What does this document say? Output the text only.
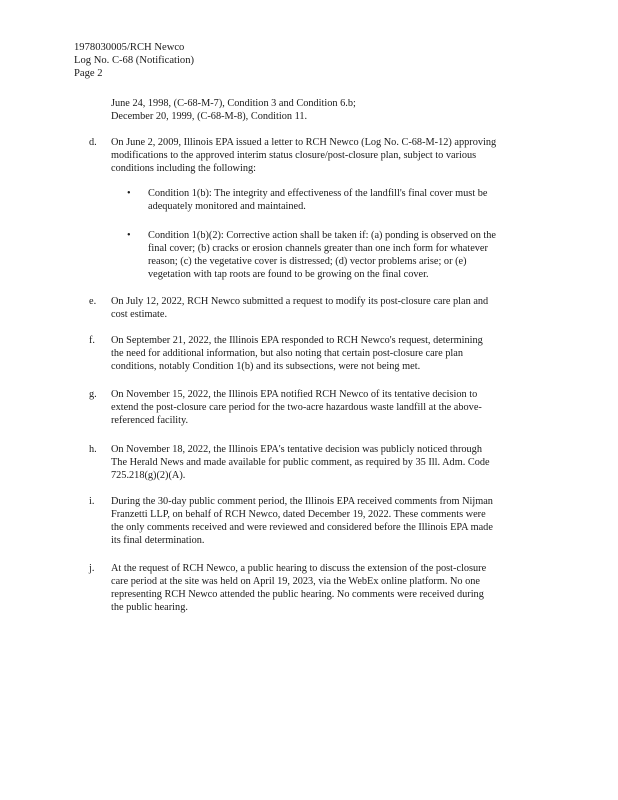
1978030005/RCH Newco
Log No. C-68 (Notification)
Page 2
June 24, 1998, (C-68-M-7), Condition 3 and Condition 6.b;
December 20, 1999, (C-68-M-8), Condition 11.
d. On June 2, 2009, Illinois EPA issued a letter to RCH Newco (Log No. C-68-M-12) approving
modifications to the approved interim status closure/post-closure plan, subject to various
conditions including the following:
• Condition 1(b): The integrity and effectiveness of the landfill's final cover must be
adequately monitored and maintained.
• Condition 1(b)(2): Corrective action shall be taken if: (a) ponding is observed on the
final cover; (b) cracks or erosion channels greater than one inch form for whatever
reason; (c) the vegetative cover is distressed; (d) vector problems arise; or (e)
vegetation with tap roots are found to be growing on the final cover.
e. On July 12, 2022, RCH Newco submitted a request to modify its post-closure care plan and
cost estimate.
f. On September 21, 2022, the Illinois EPA responded to RCH Newco's request, determining
the need for additional information, but also noting that certain post-closure care plan
conditions, notably Condition 1(b) and its subsections, were not being met.
g. On November 15, 2022, the Illinois EPA notified RCH Newco of its tentative decision to
extend the post-closure care period for the two-acre hazardous waste landfill at the above-
referenced facility.
h. On November 18, 2022, the Illinois EPA's tentative decision was publicly noticed through
The Herald News and made available for public comment, as required by 35 Ill. Adm. Code
725.218(g)(2)(A).
i. During the 30-day public comment period, the Illinois EPA received comments from Nijman
Franzetti LLP, on behalf of RCH Newco, dated December 19, 2022. These comments were
the only comments received and were reviewed and considered before the Illinois EPA made
its final determination.
j. At the request of RCH Newco, a public hearing to discuss the extension of the post-closure
care period at the site was held on April 19, 2023, via the WebEx online platform. No one
representing RCH Newco attended the public hearing. No comments were received during
the public hearing.
